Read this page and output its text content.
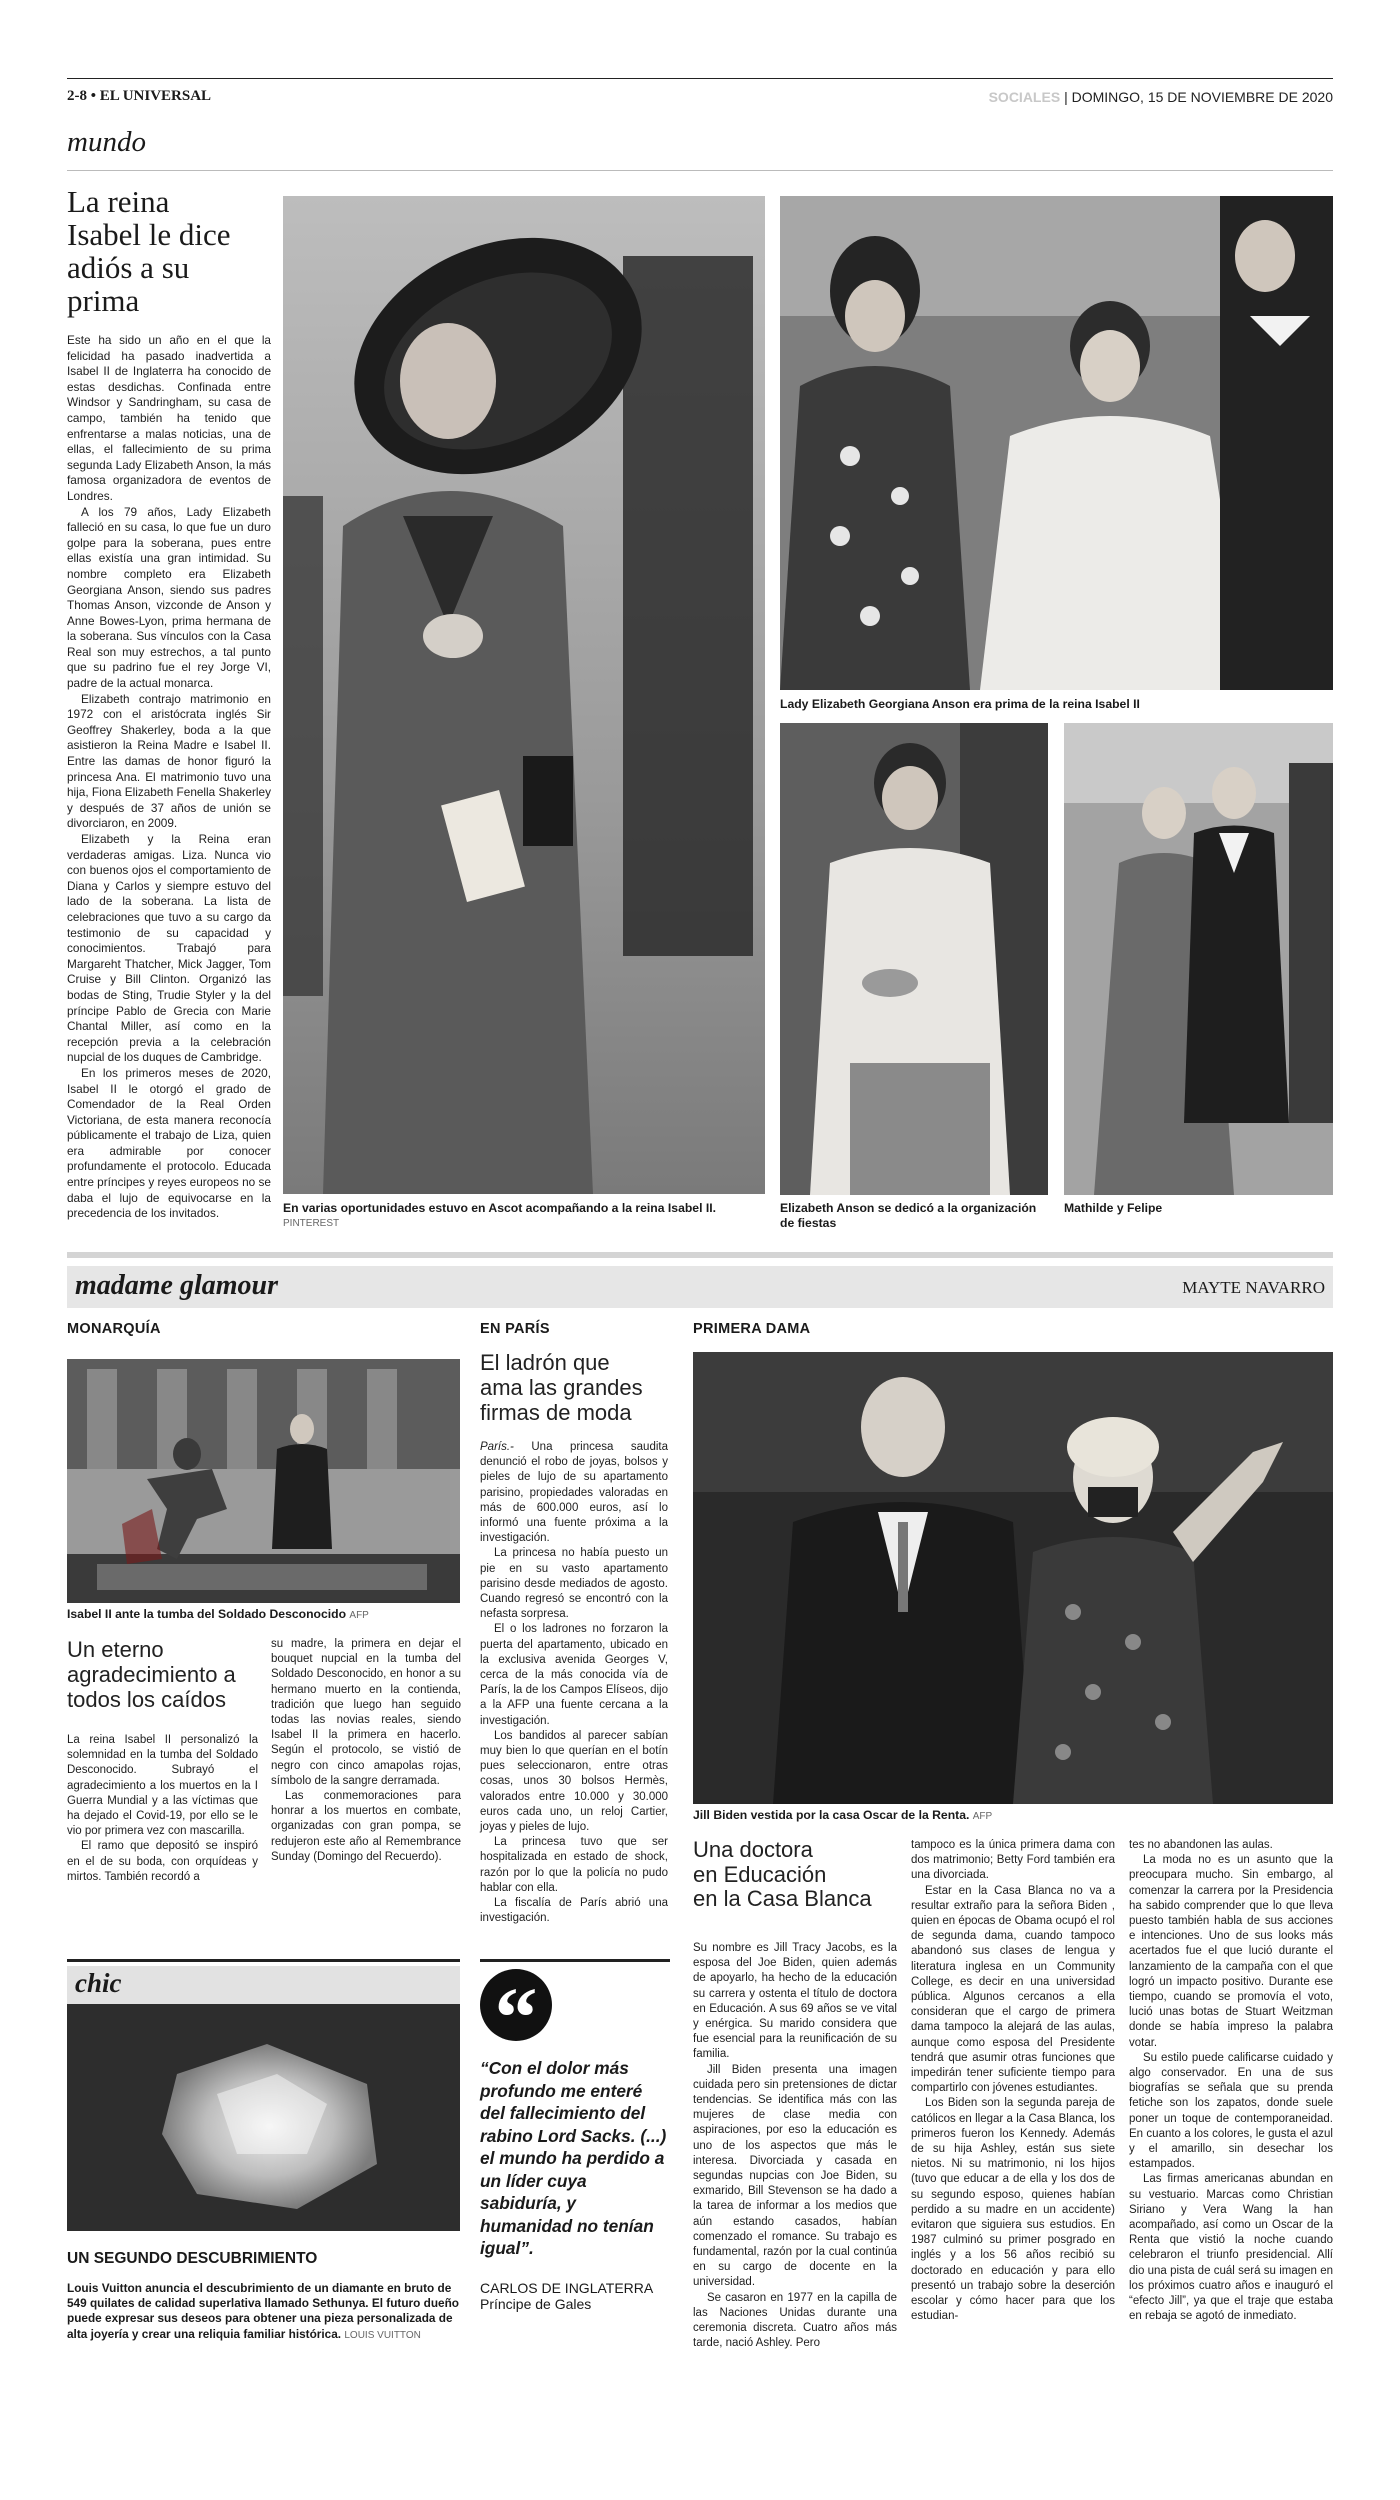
2-8 • EL UNIVERSAL	SOCIALES | DOMINGO, 15 DE NOVIEMBRE DE 2020
mundo
La reina
Isabel le dice
adiós a su
prima

Este ha sido un año en el que la felicidad ha pasado inadvertida a Isabel II de Inglaterra ha conocido de estas desdichas. Confinada entre Windsor y Sandringham, su casa de campo, también ha tenido que enfrentarse a malas noticias, una de ellas, el fallecimiento de su prima segunda Lady Elizabeth Anson, la más famosa organizadora de eventos de Londres.

A los 79 años, Lady Elizabeth falleció en su casa, lo que fue un duro golpe para la soberana, pues entre ellas existía una gran intimidad. Su nombre completo era Elizabeth Georgiana Anson, siendo sus padres Thomas Anson, vizconde de Anson y Anne Bowes-Lyon, prima hermana de la soberana. Sus vínculos con la Casa Real son muy estrechos, a tal punto que su padrino fue el rey Jorge VI, padre de la actual monarca.

Elizabeth contrajo matrimonio en 1972 con el aristócrata inglés Sir Geoffrey Shakerley, boda a la que asistieron la Reina Madre e Isabel II. Entre las damas de honor figuró la princesa Ana. El matrimonio tuvo una hija, Fiona Elizabeth Fenella Shakerley y después de 37 años de unión se divorciaron, en 2009.

Elizabeth y la Reina eran verdaderas amigas. Liza. Nunca vio con buenos ojos el comportamiento de Diana y Carlos y siempre estuvo del lado de la soberana. La lista de celebraciones que tuvo a su cargo da testimonio de su capacidad y conocimientos. Trabajó para Margareht Thatcher, Mick Jagger, Tom Cruise y Bill Clinton. Organizó las bodas de Sting, Trudie Styler y la del príncipe Pablo de Grecia con Marie Chantal Miller, así como en la recepción previa a la celebración nupcial de los duques de Cambridge.

En los primeros meses de 2020, Isabel II le otorgó el grado de Comendador de la Real Orden Victoriana, de esta manera reconocía públicamente el trabajo de Liza, quien era admirable por conocer profundamente el protocolo. Educada entre príncipes y reyes europeos no se daba el lujo de equivocarse en la precedencia de los invitados.	En varias oportunidades estuvo en Ascot acompañando a la reina Isabel II.
PINTEREST
Lady Elizabeth Georgiana Anson era prima de la reina Isabel II
Elizabeth Anson se dedicó a la organización de fiestas
Mathilde y Felipe
madame glamour	MAYTE NAVARRO
MONARQUÍA
Isabel II ante la tumba del Soldado Desconocido AFP
Un eterno
agradecimiento a
todos los caídos

La reina Isabel II personalizó la solemnidad en la tumba del Soldado Desconocido. Subrayó el agradecimiento a los muertos en la I Guerra Mundial y a las víctimas que ha dejado el Covid-19, por ello se le vio por primera vez con mascarilla.

El ramo que depositó se inspiró en el de su boda, con orquídeas y mirtos. También recordó a

su madre, la primera en dejar el bouquet nupcial en la tumba del Soldado Desconocido, en honor a su hermano muerto en la contienda, tradición que luego han seguido todas las novias reales, siendo Isabel II la primera en hacerlo. Según el protocolo, se vistió de negro con cinco amapolas rojas, símbolo de la sangre derramada.

Las conmemoraciones para honrar a los muertos en combate, organizadas con gran pompa, se redujeron este año al Remembrance Sunday (Domingo del Recuerdo).

EN PARÍS
El ladrón que
ama las grandes
firmas de moda

París.- Una princesa saudita denunció el robo de joyas, bolsos y pieles de lujo de su apartamento parisino, propiedades valoradas en más de 600.000 euros, así lo informó una fuente próxima a la investigación.

La princesa no había puesto un pie en su vasto apartamento parisino desde mediados de agosto. Cuando regresó se encontró con la nefasta sorpresa.

El o los ladrones no forzaron la puerta del apartamento, ubicado en la exclusiva avenida Georges V, cerca de la más conocida vía de París, la de los Campos Elíseos, dijo a la AFP una fuente cercana a la investigación.

Los bandidos al parecer sabían muy bien lo que querían en el botín pues seleccionaron, entre otras cosas, unos 30 bolsos Hermès, valorados entre 10.000 y 30.000 euros cada uno, un reloj Cartier, joyas y pieles de lujo.

La princesa tuvo que ser hospitalizada en estado de shock, razón por lo que la policía no pudo hablar con ella.

La fiscalía de París abrió una investigación.

PRIMERA DAMA
Jill Biden vestida por la casa Oscar de la Renta. AFP
Una doctora
en Educación
en la Casa Blanca

Su nombre es Jill Tracy Jacobs, es la esposa del Joe Biden, quien además de apoyarlo, ha hecho de la educación su carrera y ostenta el título de doctora en Educación. A sus 69 años se ve vital y enérgica. Su marido considera que fue esencial para la reunificación de su familia.

Jill Biden presenta una imagen cuidada pero sin pretensiones de dictar tendencias. Se identifica más con las mujeres de clase media con aspiraciones, por eso la educación es uno de los aspectos que más le interesa. Divorciada y casada en segundas nupcias con Joe Biden, su exmarido, Bill Stevenson se ha dado a la tarea de informar a los medios que aún estando casados, habían comenzado el romance. Su trabajo es fundamental, razón por la cual continúa en su cargo de docente en la universidad.

Se casaron en 1977 en la capilla de las Naciones Unidas durante una ceremonia discreta. Cuatro años más tarde, nació Ashley. Pero

tampoco es la única primera dama con dos matrimonio; Betty Ford también era una divorciada.

Estar en la Casa Blanca no va a resultar extraño para la señora Biden , quien en épocas de Obama ocupó el rol de segunda dama, cuando tampoco abandonó sus clases de lengua y literatura inglesa en un Community College, es decir en una universidad pública. Algunos cercanos a ella consideran que el cargo de primera dama tampoco la alejará de las aulas, aunque como esposa del Presidente tendrá que asumir otras funciones que impedirán tener suficiente tiempo para compartirlo con jóvenes estudiantes.

Los Biden son la segunda pareja de católicos en llegar a la Casa Blanca, los primeros fueron los Kennedy. Además de su hija Ashley, están sus siete nietos. Ni su matrimonio, ni los hijos (tuvo que educar a de ella y los dos de su segundo esposo, quienes habían perdido a su madre en un accidente) evitaron que siguiera sus estudios. En 1987 culminó su primer posgrado en inglés y a los 56 años recibió su doctorado en educación y para ello presentó un trabajo sobre la deserción escolar y cómo hacer para que los estudian-

tes no abandonen las aulas.

La moda no es un asunto que la preocupara mucho. Sin embargo, al comenzar la carrera por la Presidencia ha sabido comprender que lo que lleva puesto también habla de sus acciones e intenciones. Uno de sus looks más acertados fue el que lució durante el lanzamiento de la campaña con el que logró un impacto positivo. Durante ese tiempo, cuando se promovía el voto, lució unas botas de Stuart Weitzman donde se había impreso la palabra votar.

Su estilo puede calificarse cuidado y algo conservador. En una de sus biografías se señala que su prenda fetiche son los zapatos, donde suele poner un toque de contemporaneidad. En cuanto a los colores, le gusta el azul y el amarillo, sin desechar los estampados.

Las firmas americanas abundan en su vestuario. Marcas como Christian Siriano y Vera Wang la han acompañado, así como un Oscar de la Renta que vistió la noche cuando celebraron el triunfo presidencial. Allí dio una pista de cuál será su imagen en los próximos cuatro años e inauguró el “efecto Jill”, ya que el traje que estaba en rebaja se agotó de inmediato.

chic
UN SEGUNDO DESCUBRIMIENTO
Louis Vuitton anuncia el descubrimiento de un diamante en bruto de 549 quilates de calidad superlativa llamado Sethunya. El futuro dueño puede expresar sus deseos para obtener una pieza personalizada de alta joyería y crear una reliquia familiar histórica. LOUIS VUITTON
“
“Con el dolor más profundo me enteré del fallecimiento del rabino Lord Sacks. (...) el mundo ha perdido a un líder cuya sabiduría, y humanidad no tenían igual”.
CARLOS DE INGLATERRA
Príncipe de Gales
